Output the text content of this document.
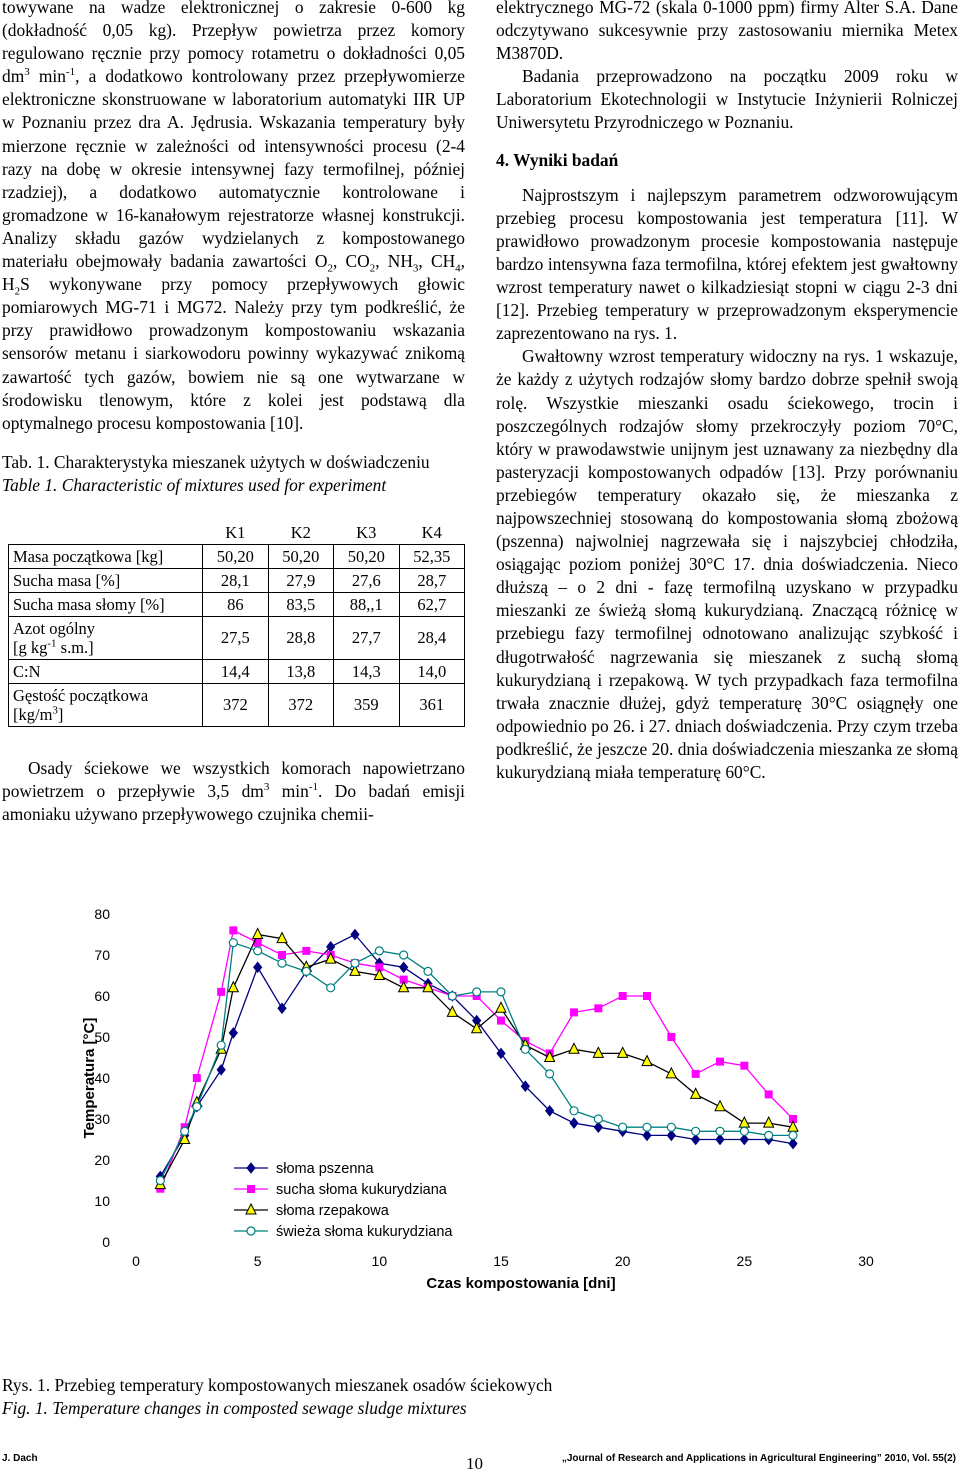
towywane na wadze elektronicznej o zakresie 0-600 kg (dokładność 0,05 kg). Przepływ powietrza przez komory regulowano ręcznie przy pomocy rotametru o dokładności 0,05 $dm^3$ $\min^{-1}$, a dodatkowo kontrolowany przez przepływomierze elektroniczne skonstruowane w laboratorium automatyki IIR UP w Poznaniu przez dra A. Jędrusia. Wskazania temperatury były mierzone ręcznie w zależności od intensywności procesu (2-4 razy na dobę w okresie intensywnej fazy termofilnej, później rzadziej), a dodatkowo automatycznie kontrolowane i gromadzone w 16-kanałowym rejestratorze własnej konstrukcji. Analizy składu gazów wydzielanych z kompostowanego materiału obejmowały badania zawartości $O_2$, $CO_2$, $NH_3$, $CH_4$, $H_2S$ wykonywane przy pomocy przepływowych głowic pomiarowych MG-71 i MG72. Należy przy tym podkreślić, że przy prawidłowo prowadzonym kompostowaniu wskazania sensorów metanu i siarkowodoru powinny wykazywać znikomą zawartość tych gazów, bowiem nie są one wytwarzane w środowisku tlenowym, które z kolei jest podstawą dla optymalnego procesu kompostowania [10].

Tab. 1. Charakterystyka mieszanek użytych w doświadczeniu

Table 1. Characteristic of mixtures used for experiment

	K1	K2	K3	K4
Masa początkowa [kg]	50,20	50,20	50,20	52,35
Sucha masa [%]	28,1	27,9	27,6	28,7
Sucha masa słomy [%]	86	83,5	88,,1	62,7
Azot ogólny
[g $kg^{-1}$ s.m.]	27,5	28,8	27,7	28,4
C:N	14,4	13,8	14,3	14,0
Gęstość początkowa
$[kg/m^3]$	372	372	359	361

Osady ściekowe we wszystkich komorach napowietrzano powietrzem o przepływie 3,5 $dm^3$ $\min^{-1}$. Do badań emisji amoniaku używano przepływowego czujnika chemii-

elektrycznego MG-72 (skala 0-1000 ppm) firmy Alter S.A. Dane odczytywano sukcesywnie przy zastosowaniu miernika Metex M3870D.

Badania przeprowadzono na początku 2009 roku w Laboratorium Ekotechnologii w Instytucie Inżynierii Rolniczej Uniwersytetu Przyrodniczego w Poznaniu.

4. Wyniki badań

Najprostszym i najlepszym parametrem odzworowującym przebieg procesu kompostowania jest temperatura [11]. W prawidłowo prowadzonym procesie kompostowania następuje bardzo intensywna faza termofilna, której efektem jest gwałtowny wzrost temperatury nawet o kilkadziesiąt stopni w ciągu 2-3 dni [12]. Przebieg temperatury w przeprowadzonym eksperymencie zaprezentowano na rys. 1.

Gwałtowny wzrost temperatury widoczny na rys. 1 wskazuje, że każdy z użytych rodzajów słomy bardzo dobrze spełnił swoją rolę. Wszystkie mieszanki osadu ściekowego, trocin i poszczególnych rodzajów słomy przekroczyły poziom 70°C, który w prawodawstwie unijnym jest uznawany za niezbędny dla pasteryzacji kompostowanych odpadów [13]. Przy porównaniu przebiegów temperatury okazało się, że mieszanka z najpowszechniej stosowaną do kompostowania słomą zbożową (pszenna) najwolniej nagrzewała się i najszybciej chłodziła, osiągając poziom poniżej 30°C 17. dnia doświadczenia. Nieco dłuższą – o 2 dni - fazę termofilną uzyskano w przypadku mieszanki ze świeżą słomą kukurydzianą. Znaczącą różnicę w przebiegu fazy termofilnej odnotowano analizując szybkość i długotrwałość nagrzewania się mieszanek z suchą słomą kukurydzianą i rzepakową. W tych przypadkach faza termofilna trwała znacznie dłużej, gdyż temperaturę 30°C osiągnęły one odpowiednio po 26. i 27. dniach doświadczenia. Przy czym trzeba podkreślić, że jeszcze 20. dnia doświadczenia mieszanka ze słomą kukurydzianą miała temperaturę 60°C.

0
10
20
30
40
50
60
70
80
0	5	10	15	20	25	30
Temperatura [°C]
Czas kompostowania [dni]
słoma pszenna
sucha słoma kukurydziana
słoma rzepakowa
świeża słoma kukurydziana
Rys. 1. Przebieg temperatury kompostowanych mieszanek osadów ściekowych
Fig. 1. Temperature changes in composted sewage sludge mixtures
J. Dach	10	„Journal of Research and Applications in Agricultural Engineering” 2010, Vol. 55(2)
